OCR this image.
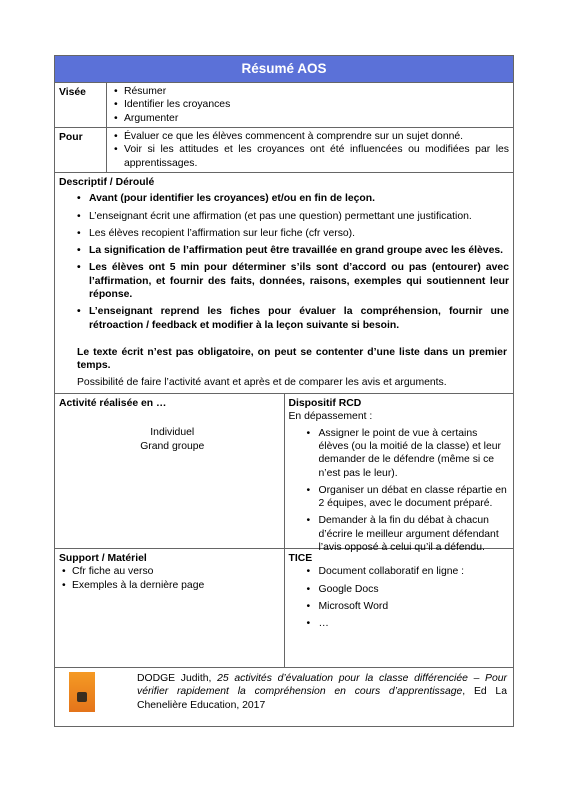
Résumé AOS
Visée	• Résumer
• Identifier les croyances
• Argumenter
Pour	• Évaluer ce que les élèves commencent à comprendre sur un sujet donné.
• Voir si les attitudes et les croyances ont été influencées ou modifiées par les apprentissages.
Descriptif / Déroulé
• Avant (pour identifier les croyances) et/ou en fin de leçon.
• L’enseignant écrit une affirmation (et pas une question) permettant une justification.
• Les élèves recopient l’affirmation sur leur fiche (cfr verso).
• La signification de l’affirmation peut être travaillée en grand groupe avec les élèves.
• Les élèves ont 5 min pour déterminer s’ils sont d’accord ou pas (entourer) avec l’affirmation, et fournir des faits, données, raisons, exemples qui soutiennent leur réponse.
• L’enseignant reprend les fiches pour évaluer la compréhension, fournir une rétroaction / feedback et modifier à la leçon suivante si besoin.
Le texte écrit n’est pas obligatoire, on peut se contenter d’une liste dans un premier temps.
Possibilité de faire l’activité avant et après et de comparer les avis et arguments.
Activité réalisée en …
Individuel
Grand groupe
Dispositif RCD
En dépassement :
• Assigner le point de vue à certains élèves (ou la moitié de la classe) et leur demander de le défendre (même si ce n’est pas le leur).
• Organiser un débat en classe répartie en 2 équipes, avec le document préparé.
• Demander à la fin du débat à chacun d’écrire le meilleur argument défendant l’avis opposé à celui qu’il a défendu.
Support / Matériel
• Cfr fiche au verso
• Exemples à la dernière page
TICE
• Document collaboratif en ligne :
• Google Docs
• Microsoft Word
• …
DODGE Judith, 25 activités d’évaluation pour la classe différenciée – Pour vérifier rapidement la compréhension en cours d’apprentissage, Ed La Chenelière Education, 2017
